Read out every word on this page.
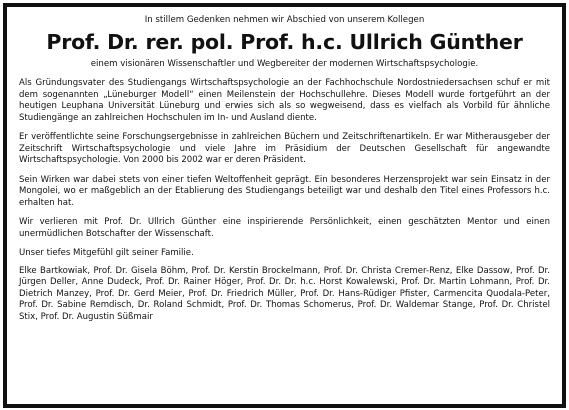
In stillem Gedenken nehmen wir Abschied von unserem Kollegen

Prof. Dr. rer. pol. Prof. h.c. Ullrich Günther

einem visionären Wissenschaftler und Wegbereiter der modernen Wirtschaftspsychologie.

Als Gründungsvater des Studiengangs Wirtschaftspsychologie an der Fachhochschule Nordostniedersachsen schuf er mit dem sogenannten „Lüneburger Modell“ einen Meilenstein der Hochschullehre. Dieses Modell wurde fortgeführt an der heutigen Leuphana Universität Lüneburg und erwies sich als so wegweisend, dass es vielfach als Vorbild für ähnliche Studiengänge an zahlreichen Hochschulen im In- und Ausland diente.

Er veröffentlichte seine Forschungsergebnisse in zahlreichen Büchern und Zeitschriftenartikeln. Er war Mitherausgeber der Zeitschrift Wirtschaftspsychologie und viele Jahre im Präsidium der Deutschen Gesellschaft für angewandte Wirtschaftspsychologie. Von 2000 bis 2002 war er deren Präsident.

Sein Wirken war dabei stets von einer tiefen Weltoffenheit geprägt. Ein besonderes Herzensprojekt war sein Einsatz in der Mongolei, wo er maßgeblich an der Etablierung des Studiengangs beteiligt war und deshalb den Titel eines Professors h.c. erhalten hat.

Wir verlieren mit Prof. Dr. Ullrich Günther eine inspirierende Persönlichkeit, einen geschätzten Mentor und einen unermüdlichen Botschafter der Wissenschaft.

Unser tiefes Mitgefühl gilt seiner Familie.

Elke Bartkowiak, Prof. Dr. Gisela Böhm, Prof. Dr. Kerstin Brockelmann, Prof. Dr. Christa Cremer-Renz, Elke Dassow, Prof. Dr. Jürgen Deller, Anne Dudeck, Prof. Dr. Rainer Höger, Prof. Dr. Dr. h.c. Horst Kowalewski, Prof. Dr. Martin Lohmann, Prof. Dr. Dietrich Manzey, Prof. Dr. Gerd Meier, Prof. Dr. Friedrich Müller, Prof. Dr. Hans-Rüdiger Pfister, Carmencita Quodala-Peter, Prof. Dr. Sabine Remdisch, Dr. Roland Schmidt, Prof. Dr. Thomas Schomerus, Prof. Dr. Waldemar Stange, Prof. Dr. Christel Stix, Prof. Dr. Augustin Süßmair
